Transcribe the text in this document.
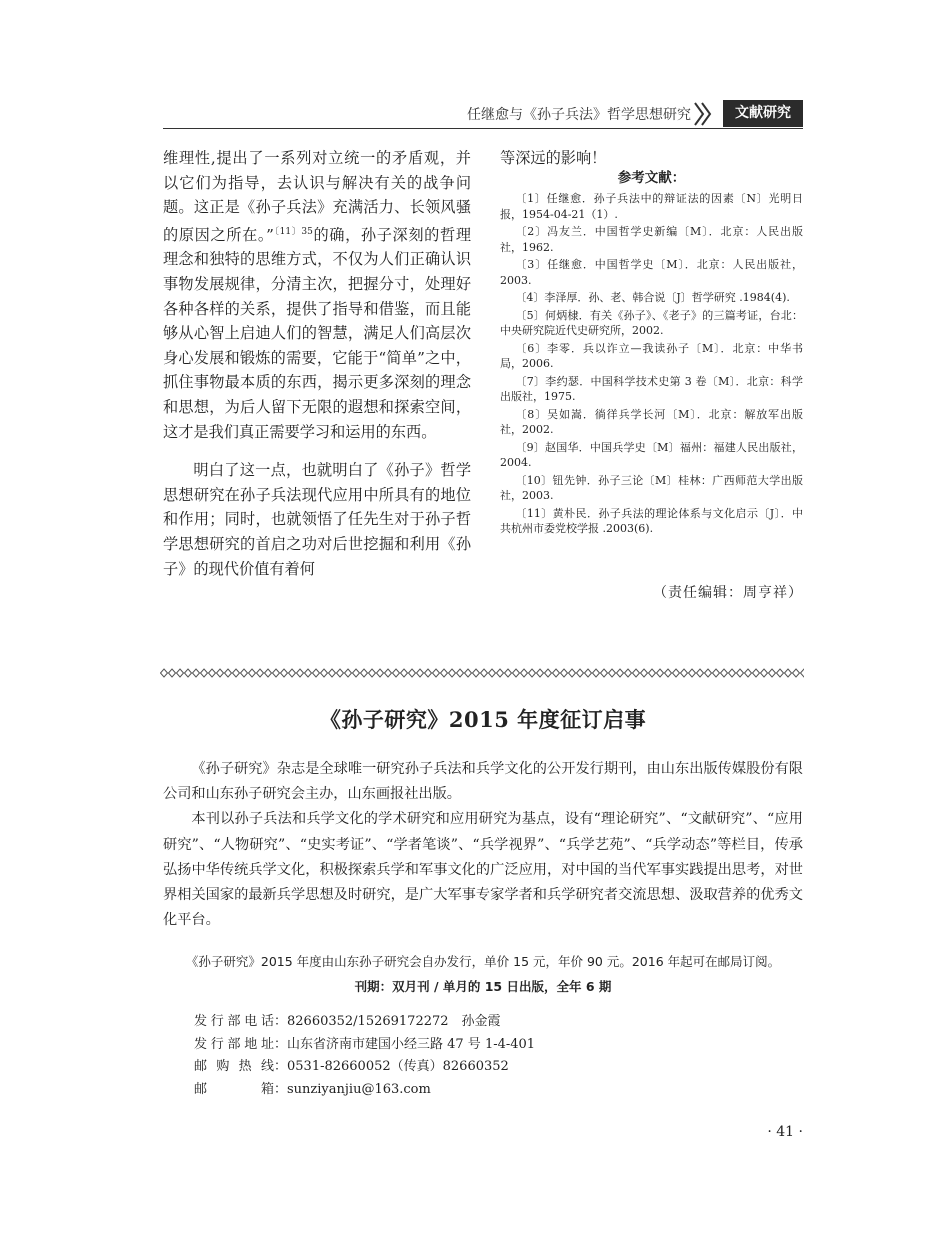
任继愈与《孙子兵法》哲学思想研究	文献研究

维理性,提出了一系列对立统一的矛盾观，并以它们为指导，去认识与解决有关的战争问题。这正是《孙子兵法》充满活力、长领风骚的原因之所在。”$^{〔11〕35}$的确，孙子深刻的哲理理念和独特的思维方式，不仅为人们正确认识事物发展规律，分清主次，把握分寸，处理好各种各样的关系，提供了指导和借鉴，而且能够从心智上启迪人们的智慧，满足人们高层次身心发展和锻炼的需要，它能于“简单”之中，抓住事物最本质的东西，揭示更多深刻的理念和思想，为后人留下无限的遐想和探索空间，这才是我们真正需要学习和运用的东西。

明白了这一点，也就明白了《孙子》哲学思想研究在孙子兵法现代应用中所具有的地位和作用；同时，也就领悟了任先生对于孙子哲学思想研究的首启之功对后世挖掘和利用《孙子》的现代价值有着何

等深远的影响！
参考文献：

〔1〕任继愈．孙子兵法中的辩证法的因素〔N〕光明日报，1954-04-21（1）.

〔2〕冯友兰．中国哲学史新编〔M〕．北京：人民出版社，1962.

〔3〕任继愈．中国哲学史〔M〕．北京：人民出版社，2003.

〔4〕李泽厚．孙、老、韩合说〔J〕哲学研究 .1984(4).

〔5〕何炳棣．有关《孙子》、《老子》的三篇考证，台北：中央研究院近代史研究所，2002.

〔6〕李零．兵以诈立—我读孙子〔M〕．北京：中华书局，2006.

〔7〕李约瑟．中国科学技术史第 3 卷〔M〕．北京：科学出版社，1975.

〔8〕吴如嵩．徜徉兵学长河〔M〕．北京：解放军出版社，2002.

〔9〕赵国华．中国兵学史〔M〕福州：福建人民出版社，2004.

〔10〕钮先钟．孙子三论〔M〕桂林：广西师范大学出版社，2003.

〔11〕黄朴民．孙子兵法的理论体系与文化启示〔J〕．中共杭州市委党校学报 .2003(6).

（责任编辑：周亨祥）
《孙子研究》2015 年度征订启事

《孙子研究》杂志是全球唯一研究孙子兵法和兵学文化的公开发行期刊，由山东出版传媒股份有限公司和山东孙子研究会主办，山东画报社出版。

本刊以孙子兵法和兵学文化的学术研究和应用研究为基点，设有“理论研究”、“文献研究”、“应用研究”、“人物研究”、“史实考证”、“学者笔谈”、“兵学视界”、“兵学艺苑”、“兵学动态”等栏目，传承弘扬中华传统兵学文化，积极探索兵学和军事文化的广泛应用，对中国的当代军事实践提出思考，对世界相关国家的最新兵学思想及时研究，是广大军事专家学者和兵学研究者交流思想、汲取营养的优秀文化平台。

《孙子研究》2015 年度由山东孙子研究会自办发行，单价 15 元，年价 90 元。2016 年起可在邮局订阅。
刊期：双月刊 / 单月的 15 日出版，全年 6 期
发行部电话：82660352/15269172272　孙金霞
发行部地址：山东省济南市建国小经三路 47 号 1-4-401
邮购热线：0531-82660052（传真）82660352
邮箱：sunziyanjiu@163.com
· 41 ·
